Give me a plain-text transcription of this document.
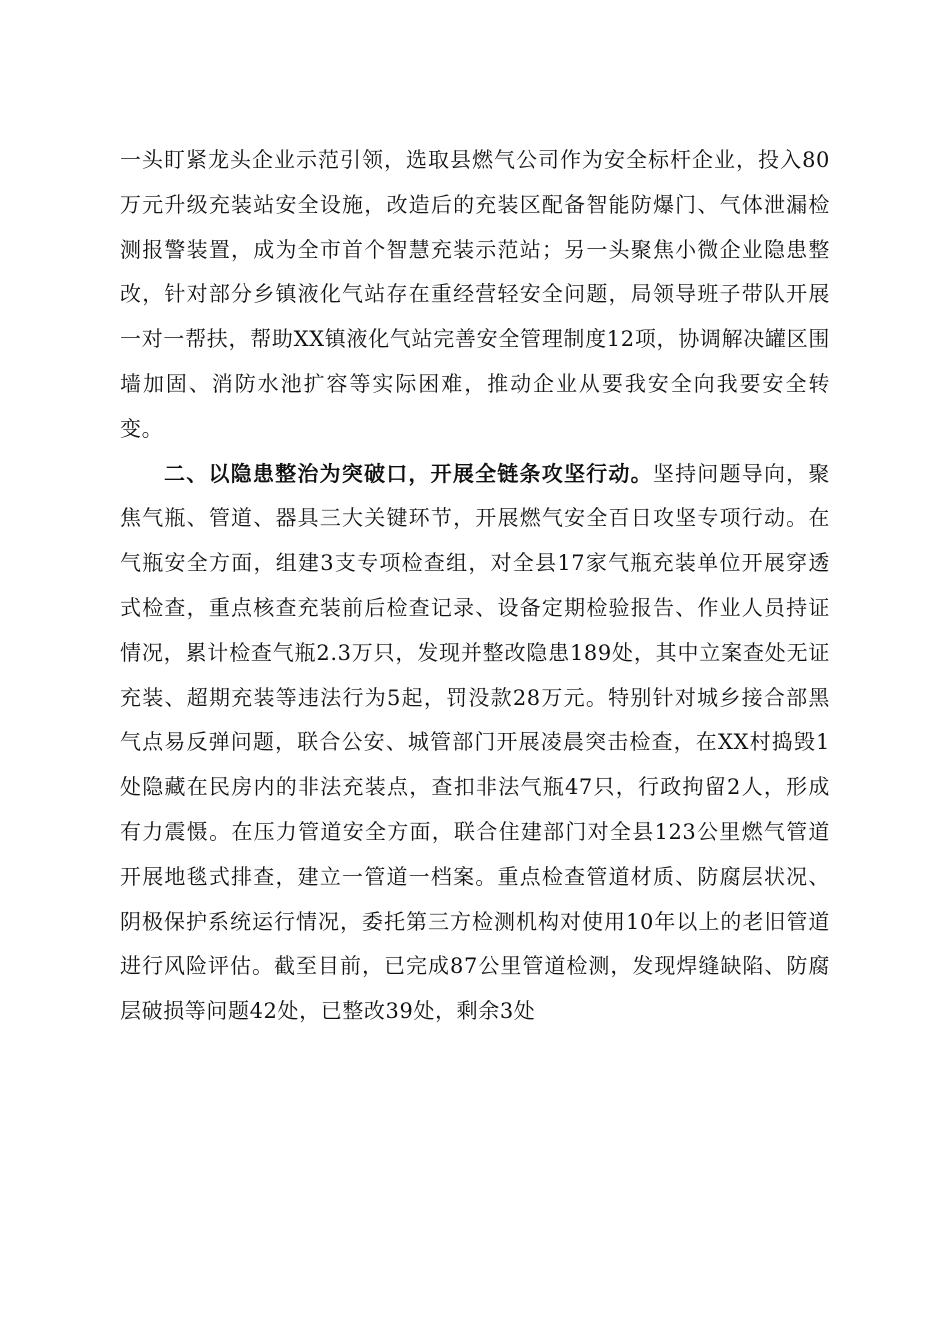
一头盯紧龙头企业示范引领，选取县燃气公司作为安全标杆企业，投入80万元升级充装站安全设施，改造后的充装区配备智能防爆门、气体泄漏检测报警装置，成为全市首个智慧充装示范站；另一头聚焦小微企业隐患整改，针对部分乡镇液化气站存在重经营轻安全问题，局领导班子带队开展一对一帮扶，帮助XX镇液化气站完善安全管理制度12项，协调解决罐区围墙加固、消防水池扩容等实际困难，推动企业从要我安全向我要安全转变。

二、以隐患整治为突破口，开展全链条攻坚行动。坚持问题导向，聚焦气瓶、管道、器具三大关键环节，开展燃气安全百日攻坚专项行动。在气瓶安全方面，组建3支专项检查组，对全县17家气瓶充装单位开展穿透式检查，重点核查充装前后检查记录、设备定期检验报告、作业人员持证情况，累计检查气瓶2.3万只，发现并整改隐患189处，其中立案查处无证充装、超期充装等违法行为5起，罚没款28万元。特别针对城乡接合部黑气点易反弹问题，联合公安、城管部门开展凌晨突击检查，在XX村捣毁1处隐藏在民房内的非法充装点，查扣非法气瓶47只，行政拘留2人，形成有力震慑。在压力管道安全方面，联合住建部门对全县123公里燃气管道开展地毯式排查，建立一管道一档案。重点检查管道材质、防腐层状况、阴极保护系统运行情况，委托第三方检测机构对使用10年以上的老旧管道进行风险评估。截至目前，已完成87公里管道检测，发现焊缝缺陷、防腐层破损等问题42处，已整改39处，剩余3处
